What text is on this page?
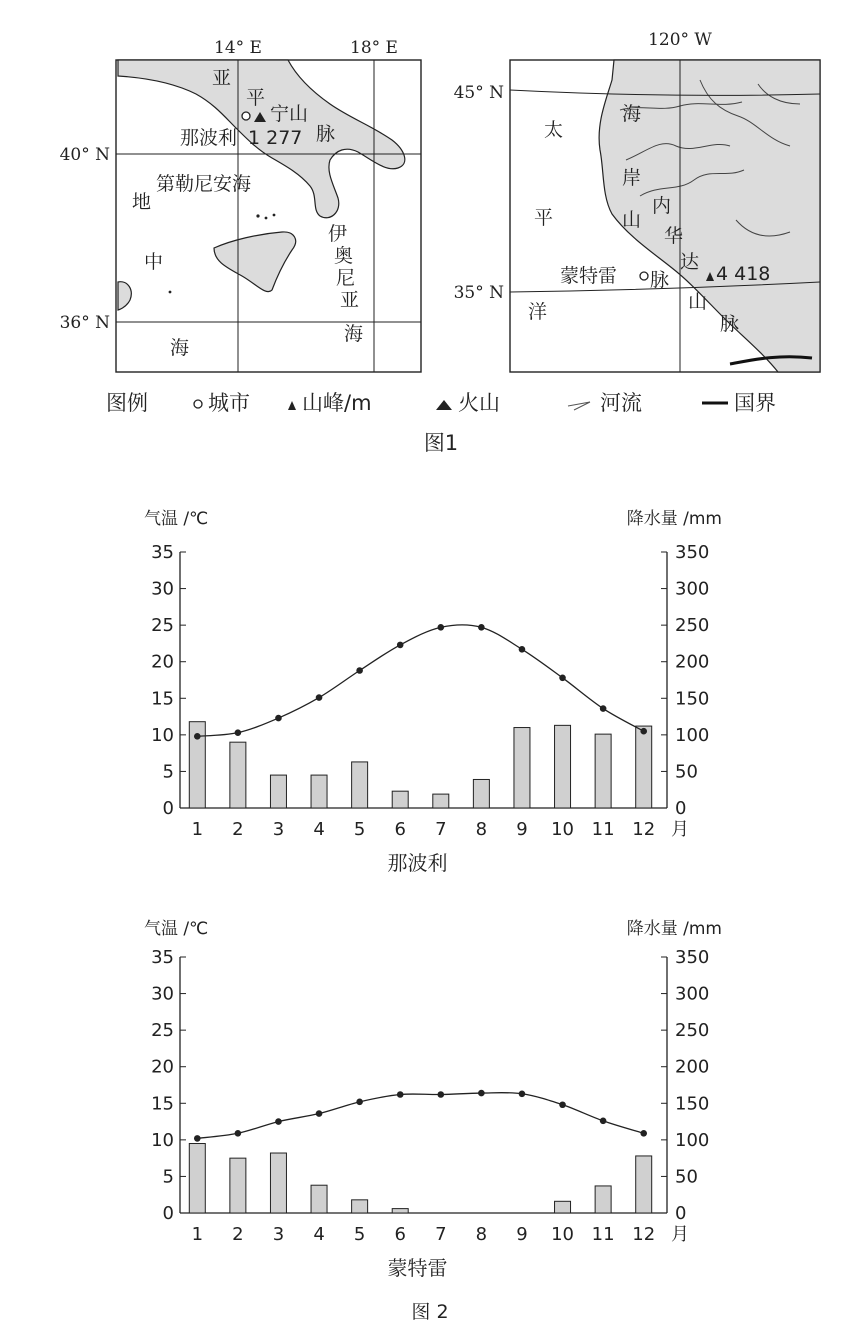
14° E	18° E
40° N
36° N
亚
平
宁山
脉
那波利 1 277
第勒尼安海
地
中
海
伊
奥
尼
亚
海
120° W
45° N
35° N
太
平
洋
海
岸
山
脉
内
华
达
山
脉
蒙特雷	4 418
图例	城市 山峰/m	火山	河流	国界
图1
0
5
10
15
20
25
30
35
0
50
100
150
200
250
300
350
气温 /℃	降水量 /mm
1 2 3 4 5 6 7 8 9 10 11 12 月
那波利
0
5
10
15
20
25
30
35
0
50
100
150
200
250
300
350
气温 /℃	降水量 /mm
1 2 3 4 5 6 7 8 9 10 11 12 月
蒙特雷
图 2
